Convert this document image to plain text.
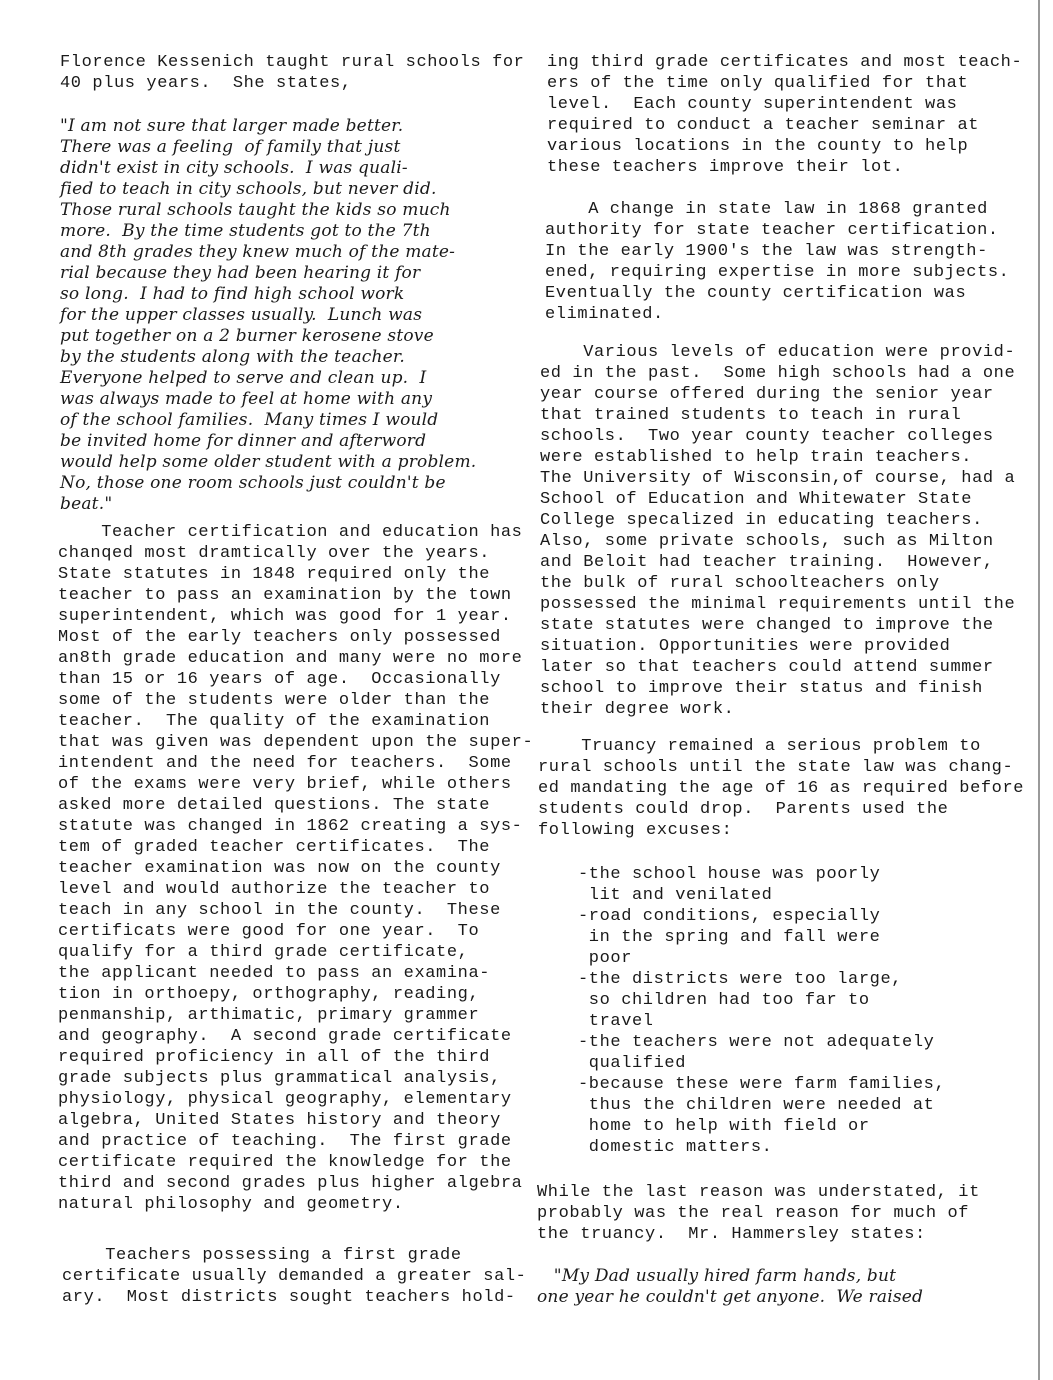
Florence Kessenich taught rural schools for
40 plus years.  She states,
"I am not sure that larger made better.
There was a feeling  of family that just
didn't exist in city schools.  I was quali-
fied to teach in city schools, but never did.
Those rural schools taught the kids so much
more.  By the time students got to the 7th
and 8th grades they knew much of the mate-
rial because they had been hearing it for
so long.  I had to find high school work
for the upper classes usually.  Lunch was
put together on a 2 burner kerosene stove
by the students along with the teacher.
Everyone helped to serve and clean up.  I
was always made to feel at home with any
of the school families.  Many times I would
be invited home for dinner and afterword
would help some older student with a problem.
No, those one room schools just couldn't be
beat."
Teacher certification and education has
chanqed most dramtically over the years.
State statutes in 1848 required only the
teacher to pass an examination by the town
superintendent, which was good for 1 year.
Most of the early teachers only possessed
an8th grade education and many were no more
than 15 or 16 years of age.  Occasionally
some of the students were older than the
teacher.  The quality of the examination
that was given was dependent upon the super-
intendent and the need for teachers.  Some
of the exams were very brief, while others
asked more detailed questions. The state
statute was changed in 1862 creating a sys-
tem of graded teacher certificates.  The
teacher examination was now on the county
level and would authorize the teacher to
teach in any school in the county.  These
certificats were good for one year.  To
qualify for a third grade certificate,
the applicant needed to pass an examina-
tion in orthoepy, orthography, reading,
penmanship, arthimatic, primary grammer
and geography.  A second grade certificate
required proficiency in all of the third
grade subjects plus grammatical analysis,
physiology, physical geography, elementary
algebra, United States history and theory
and practice of teaching.  The first grade
certificate required the knowledge for the
third and second grades plus higher algebra
natural philosophy and geometry.
Teachers possessing a first grade
certificate usually demanded a greater sal-
ary.  Most districts sought teachers hold-
ing third grade certificates and most teach-
ers of the time only qualified for that
level.  Each county superintendent was
required to conduct a teacher seminar at
various locations in the county to help
these teachers improve their lot.
A change in state law in 1868 granted
authority for state teacher certification.
In the early 1900's the law was strength-
ened, requiring expertise in more subjects.
Eventually the county certification was
eliminated.
Various levels of education were provid-
ed in the past.  Some high schools had a one
year course offered during the senior year
that trained students to teach in rural
schools.  Two year county teacher colleges
were established to help train teachers.
The University of Wisconsin,of course, had a
School of Education and Whitewater State
College specalized in educating teachers.
Also, some private schools, such as Milton
and Beloit had teacher training.  However,
the bulk of rural schoolteachers only
possessed the minimal requirements until the
state statutes were changed to improve the
situation. Opportunities were provided
later so that teachers could attend summer
school to improve their status and finish
their degree work.
Truancy remained a serious problem to
rural schools until the state law was chang-
ed mandating the age of 16 as required before
students could drop.  Parents used the
following excuses:
-the school house was poorly
lit and venilated
-road conditions, especially
in the spring and fall were
poor
-the districts were too large,
so children had too far to
travel
-the teachers were not adequately
qualified
-because these were farm families,
thus the children were needed at
home to help with field or
domestic matters.
While the last reason was understated, it
probably was the real reason for much of
the truancy.  Mr. Hammersley states:
"My Dad usually hired farm hands, but
one year he couldn't get anyone.  We raised
